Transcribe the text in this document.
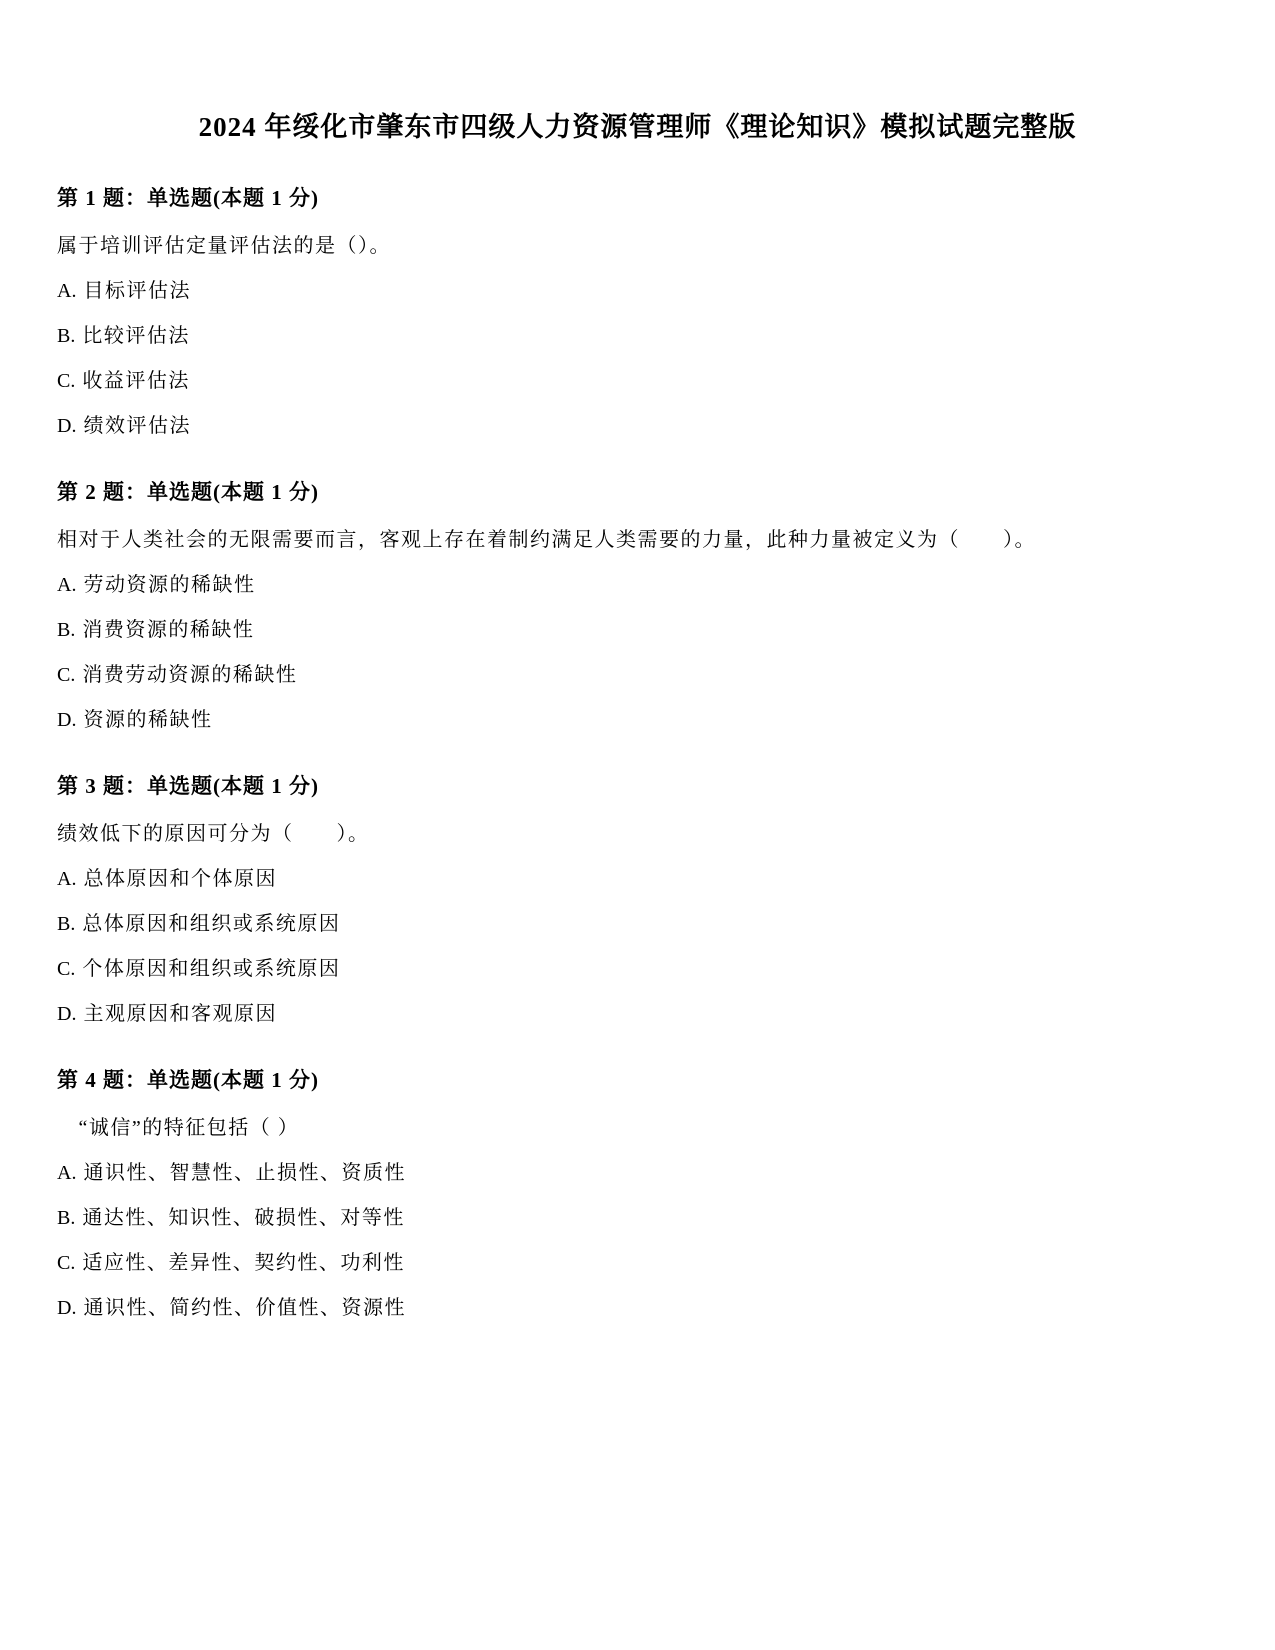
2024 年绥化市肇东市四级人力资源管理师《理论知识》模拟试题完整版
第 1 题：单选题(本题 1 分)
属于培训评估定量评估法的是（）。
A. 目标评估法
B. 比较评估法
C. 收益评估法
D. 绩效评估法
第 2 题：单选题(本题 1 分)
相对于人类社会的无限需要而言，客观上存在着制约满足人类需要的力量，此种力量被定义为（　　）。
A. 劳动资源的稀缺性
B. 消费资源的稀缺性
C. 消费劳动资源的稀缺性
D. 资源的稀缺性
第 3 题：单选题(本题 1 分)
绩效低下的原因可分为（　　）。
A. 总体原因和个体原因
B. 总体原因和组织或系统原因
C. 个体原因和组织或系统原因
D. 主观原因和客观原因
第 4 题：单选题(本题 1 分)
　“诚信”的特征包括（ ）
A. 通识性、智慧性、止损性、资质性
B. 通达性、知识性、破损性、对等性
C. 适应性、差异性、契约性、功利性
D. 通识性、简约性、价值性、资源性
